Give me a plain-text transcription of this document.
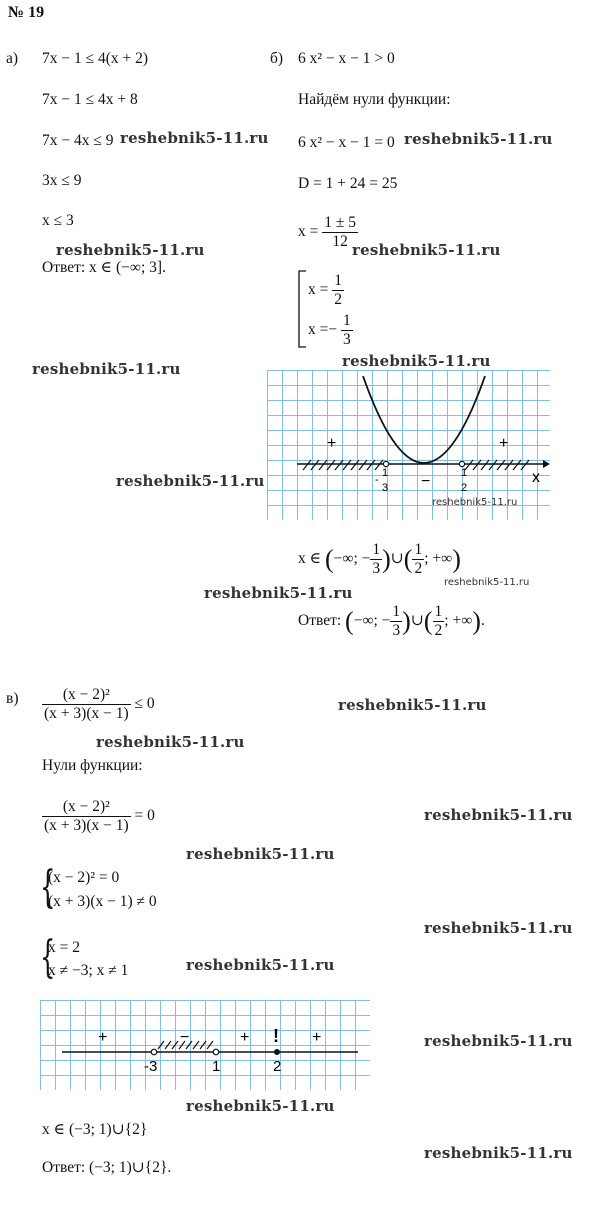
№ 19
а) 7x − 1 ≤ 4(x + 2)
7x − 1 ≤ 4x + 8
7x − 4x ≤ 9
3x ≤ 9
x ≤ 3
Ответ: x ∈ (−∞; 3].
б) 6 x² − x − 1 > 0
Найдём нули функции:
6 x² − x − 1 = 0
D = 1 + 24 = 25
$x = \frac{1 \pm 5}{12}$
$x = \frac{1}{2}$
$x =- \frac{1}{3}$
+	+
−	x
-
1
3
1
2
x ∈ (−∞; − $\frac{1}{3}$ )∪( $\frac{1}{2}$ ; +∞)
Ответ: (−∞; − $\frac{1}{3}$ )∪( $\frac{1}{2}$ ; +∞).
$в) \frac{\text{(x − 2)²}}{(x + 3)(x - 1)} \le 0$
Нули функции:
$\frac{\text{(x − 2)²}}{(x + 3)(x - 1)} = 0$
{
(x − 2)² = 0
(x + 3)(x − 1) ≠ 0
{
x = 2
x ≠ −3; x ≠ 1
+	−	+ ! +
-3	1	2
x ∈ (−3; 1)∪{2}
Ответ: (−3; 1)∪{2}.
reshebnik5-11.ru	reshebnik5-11.ru
reshebnik5-11.ru	reshebnik5-11.ru
reshebnik5-11.ru	reshebnik5-11.ru
reshebnik5-11.ru
reshebnik5-11.ru
reshebnik5-11.ru
reshebnik5-11.ru
reshebnik5-11.ru
reshebnik5-11.ru
reshebnik5-11.ru
reshebnik5-11.ru
reshebnik5-11.ru
reshebnik5-11.ru
reshebnik5-11.ru
reshebnik5-11.ru
reshebnik5-11.ru
